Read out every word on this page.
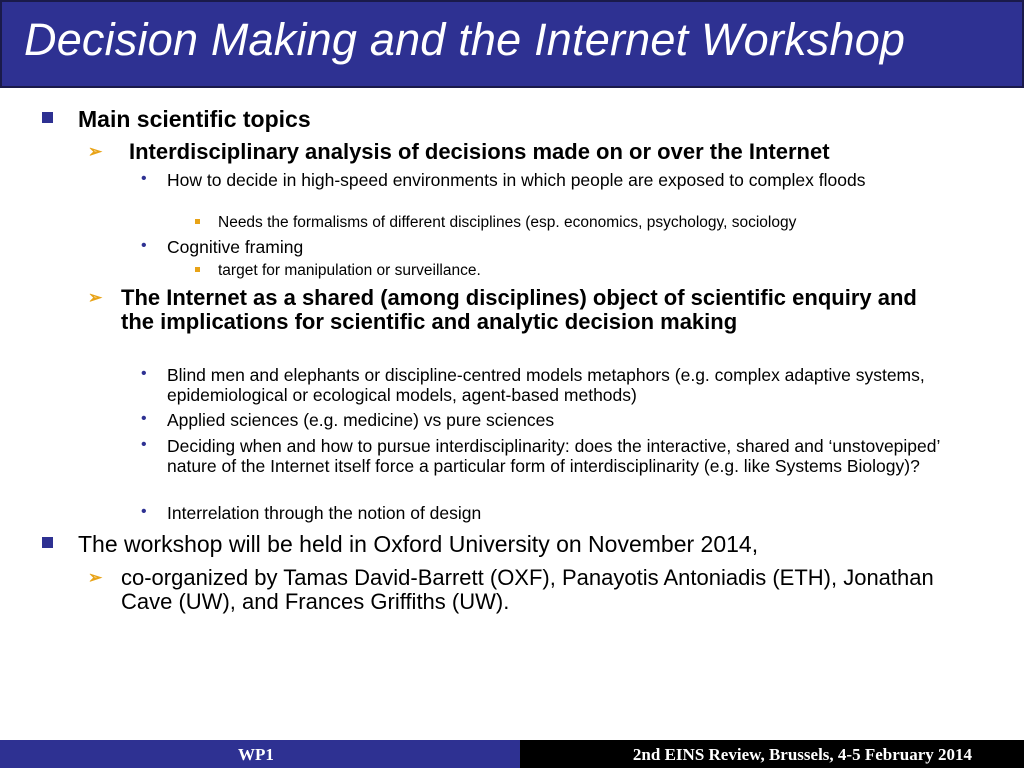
Decision Making and the Internet Workshop
Main scientific topics
➢ Interdisciplinary analysis of decisions made on or over the Internet
• How to decide in high-speed environments in which people are exposed to complex floods
Needs the formalisms of different disciplines (esp. economics, psychology, sociology
• Cognitive framing
target for manipulation or surveillance.
➢ The Internet as a shared (among disciplines) object of scientific enquiry and the implications for scientific and analytic decision making
• Blind men and elephants or discipline-centred models metaphors (e.g. complex adaptive systems, epidemiological or ecological models, agent-based methods)
• Applied sciences (e.g. medicine) vs pure sciences
• Deciding when and how to pursue interdisciplinarity: does the interactive, shared and ‘unstovepiped’ nature of the Internet itself force a particular form of interdisciplinarity (e.g. like Systems Biology)?
• Interrelation through the notion of design
The workshop will be held in Oxford University on November 2014,
➢ co-organized by Tamas David-Barrett (OXF), Panayotis Antoniadis (ETH), Jonathan Cave (UW), and Frances Griffiths (UW).
WP1	2nd EINS Review, Brussels, 4-5 February 2014
